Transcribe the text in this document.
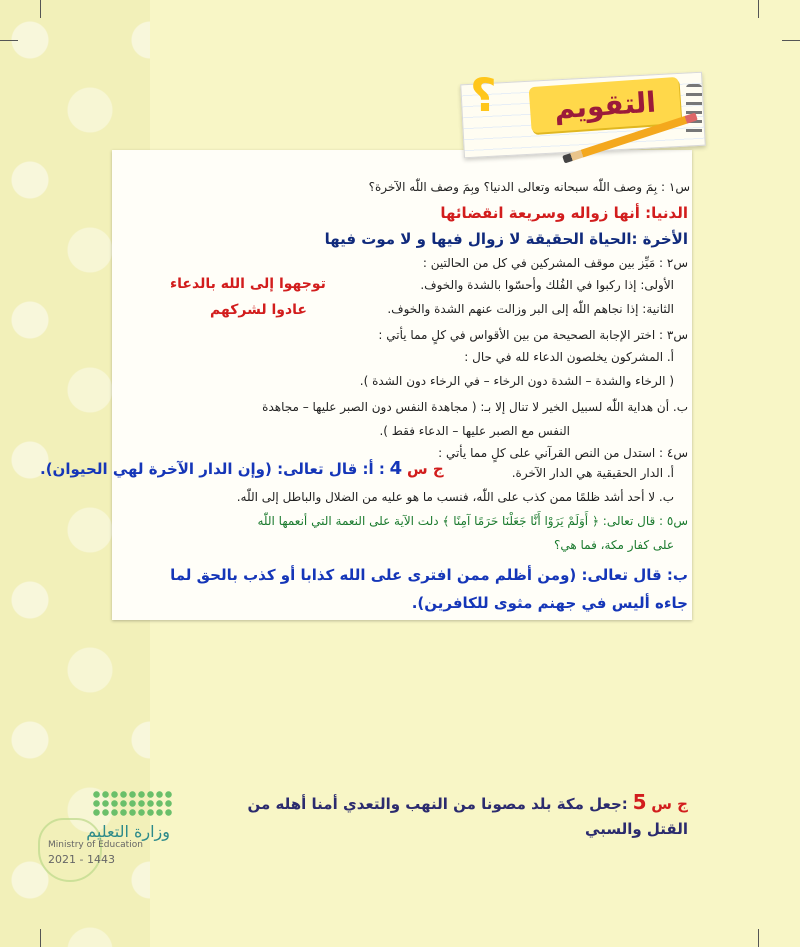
التقويم
؟
س١ : بِمَ وصف اللّٰه سبحانه وتعالى الدنيا؟ وبِمَ وصف اللّٰه الآخرة؟
الدنيا: أنها زواله وسريعة انقضائها
الأخرة :الحياة الحقيقة لا زوال فيها و لا موت فيها
س٢ : مَيِّز بين موقف المشركين في كل من الحالتين :
الأولى: إذا ركبوا في الفُلك وأحسّوا بالشدة والخوف.
الثانية: إذا نجاهم اللّٰه إلى البر وزالت عنهم الشدة والخوف.
توجهوا إلى الله بالدعاء
عادوا لشركهم
س٣ : اختر الإجابة الصحيحة من بين الأقواس في كلٍ مما يأتي :
أ. المشركون يخلصون الدعاء لله في حال :
( الرخاء والشدة – الشدة دون الرخاء – في الرخاء دون الشدة ).
ب. أن هداية اللّٰه لسبيل الخير لا تنال إلا بـ: ( مجاهدة النفس دون الصبر عليها – مجاهدة
النفس مع الصبر عليها – الدعاء فقط ).
س٤ : استدل من النص القرآني على كلٍ مما يأتي :
ج س 4 : أ: قال تعالى: (وإن الدار الآخرة لهي الحيوان).	أ. الدار الحقيقية هي الدار الآخرة.
ب. لا أحد أشد ظلمًا ممن كذب على اللّٰه، فنسب ما هو عليه من الضلال والباطل إلى اللّٰه.
س٥ : قال تعالى: ﴿ أَوَلَمْ يَرَوْا أَنَّا جَعَلْنَا حَرَمًا آمِنًا ﴾ دلت الآية على النعمة التي أنعمها اللّٰه
على كفار مكة، فما هي؟
ب: قال تعالى: (ومن أظلم ممن افترى على الله كذابا أو كذب بالحق لما
جاءه أليس في جهنم مثوى للكافرين).
ج س 5 :جعل مكة بلد مصونا من النهب والتعدي أمنا أهله من
القتل والسبي
وزارة التعليم
Ministry of Education
2021 - 1443
